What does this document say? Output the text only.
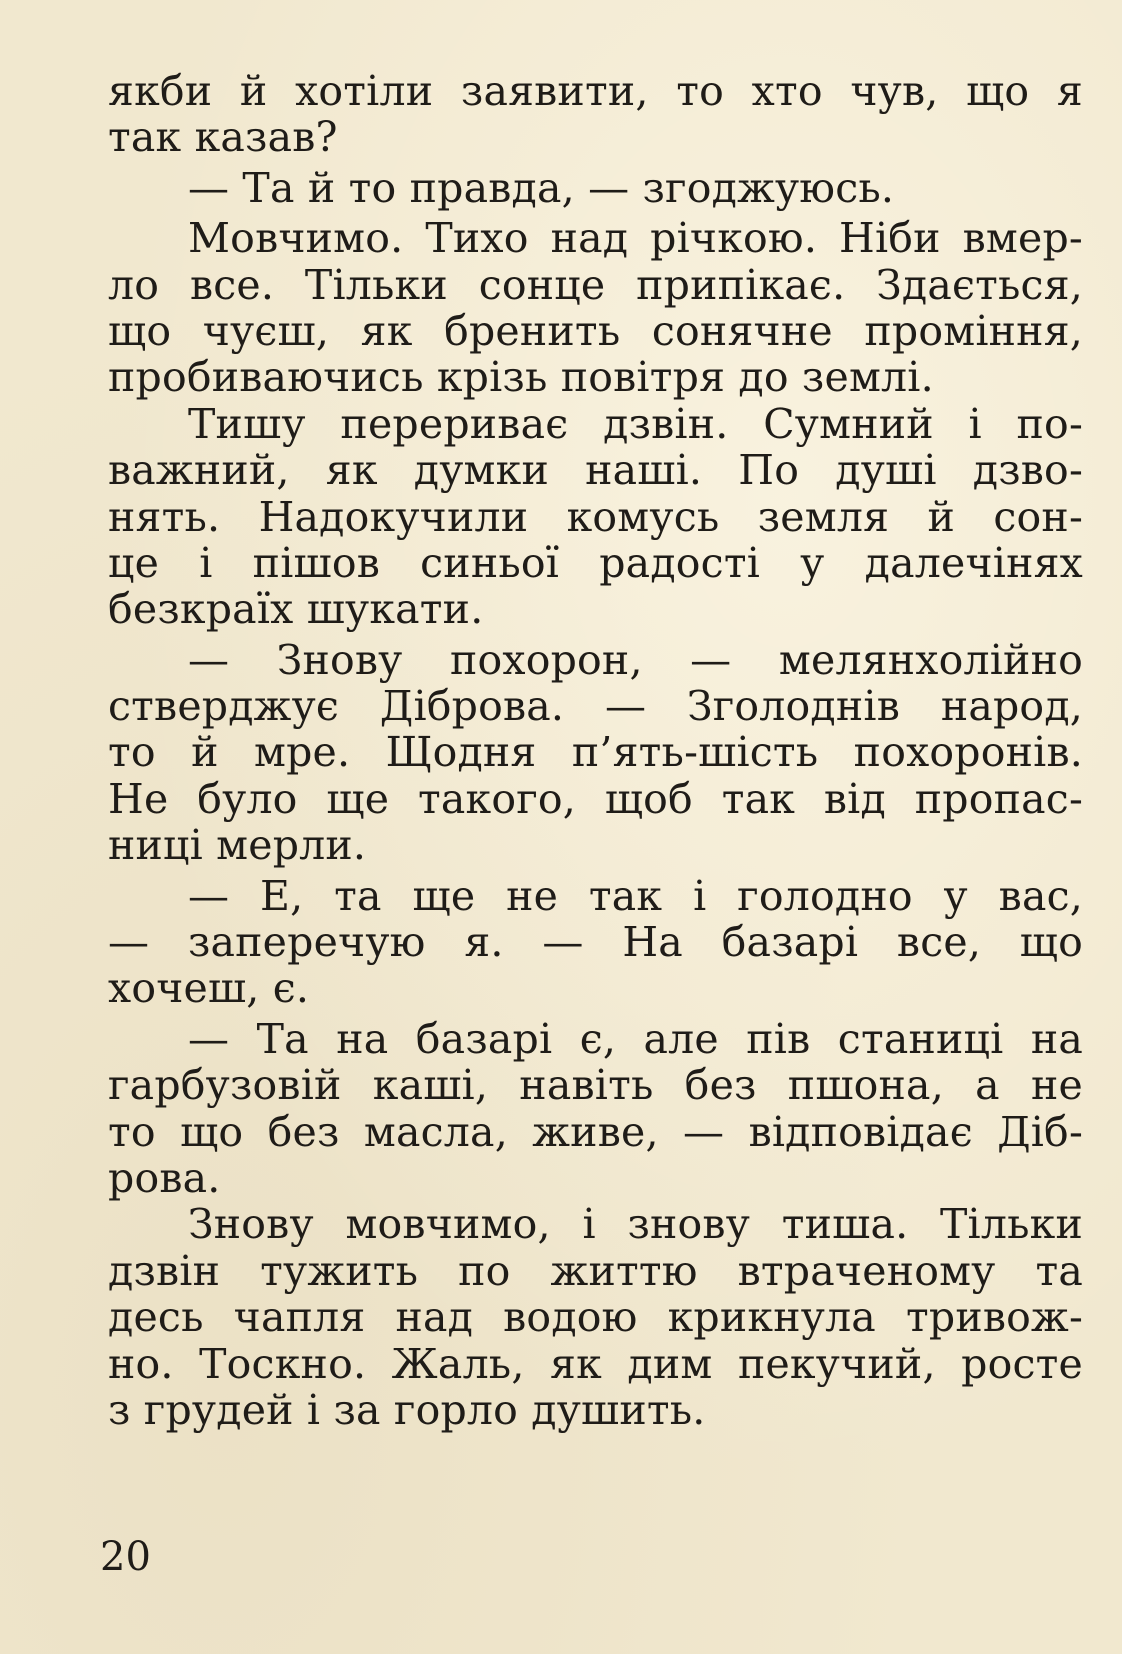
якби й хотіли заявити, то хто чув, що я
так казав?
— Та й то правда, — згоджуюсь.
Мовчимо. Тихо над річкою. Ніби вмер-
ло все. Тільки сонце припікає. Здається,
що чуєш, як бренить сонячне проміння,
пробиваючись крізь повітря до землі.
Тишу перериває дзвін. Сумний і по-
важний, як думки наші. По душі дзво-
нять. Надокучили комусь земля й сон-
це і пішов синьої радості у далечінях
безкраїх шукати.
— Знову похорон, — мелянхолійно
стверджує Діброва. — Зголоднів народ,
то й мре. Щодня п’ять-шість похоронів.
Не було ще такого, щоб так від пропас-
ниці мерли.
— Е, та ще не так і голодно у вас,
— заперечую я. — На базарі все, що
хочеш, є.
— Та на базарі є, але пів станиці на
гарбузовій каші, навіть без пшона, а не
то що без масла, живе, — відповідає Діб-
рова.
Знову мовчимо, і знову тиша. Тільки
дзвін тужить по життю втраченому та
десь чапля над водою крикнула тривож-
но. Тоскно. Жаль, як дим пекучий, росте
з грудей і за горло душить.
20
